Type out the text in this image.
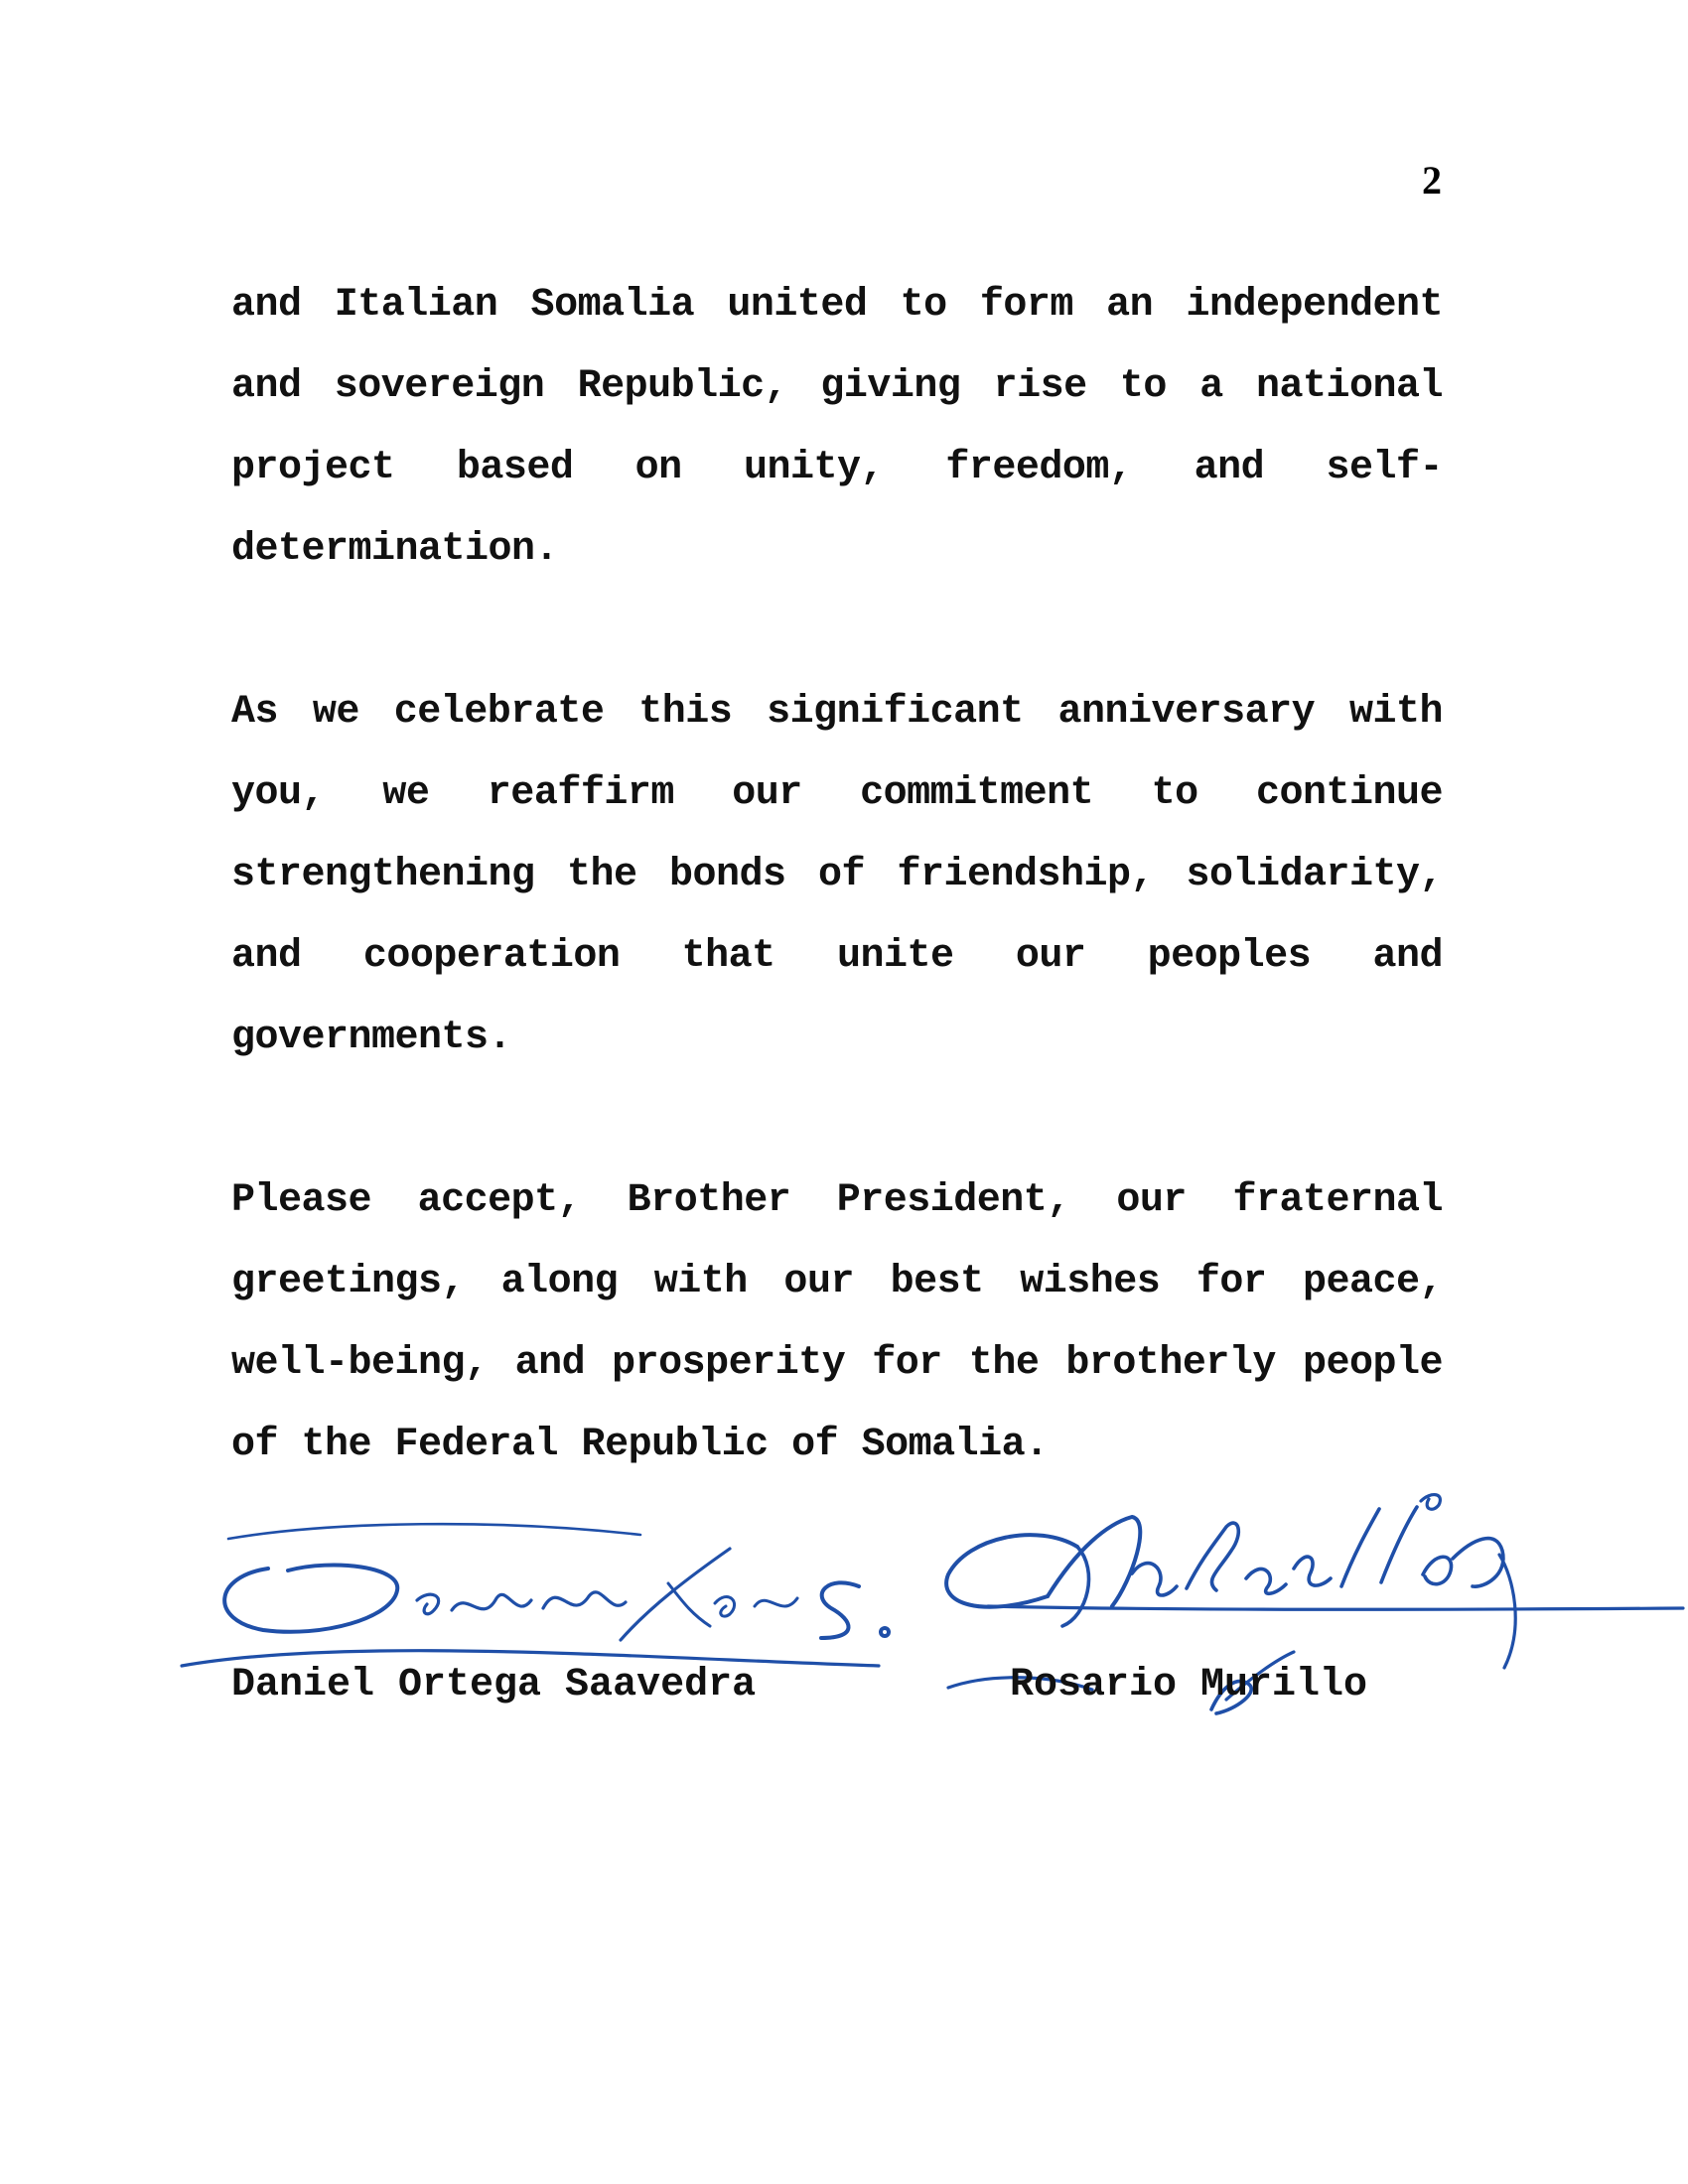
2

and Italian Somalia united to form an independent and sovereign Republic, giving rise to a national project based on unity, freedom, and self-determination.

As we celebrate this significant anniversary with you, we reaffirm our commitment to continue strengthening the bonds of friendship, solidarity, and cooperation that unite our peoples and governments.

Please accept, Brother President, our fraternal greetings, along with our best wishes for peace, well-being, and prosperity for the brotherly people of the Federal Republic of Somalia.

Daniel Ortega Saavedra	Rosario Murillo
